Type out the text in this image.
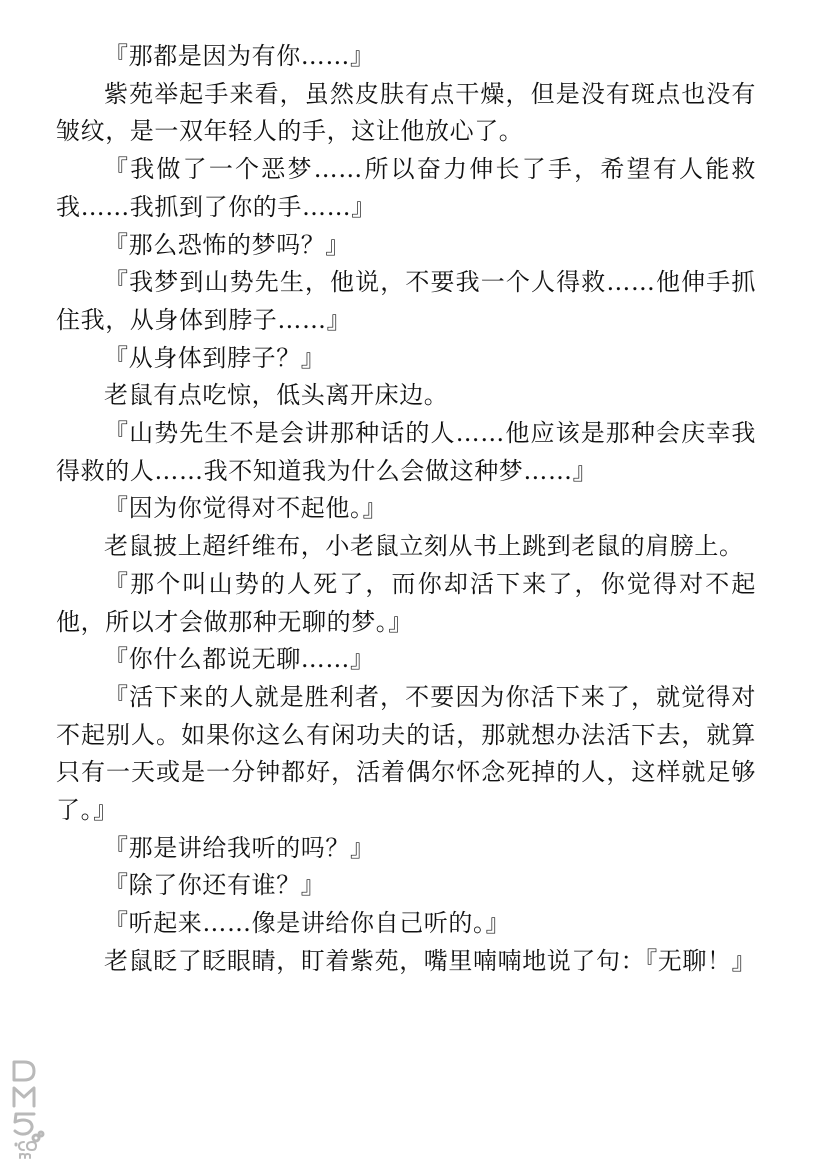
『那都是因为有你……』

紫苑举起手来看，虽然皮肤有点干燥，但是没有斑点也没有皱纹，是一双年轻人的手，这让他放心了。

『我做了一个恶梦……所以奋力伸长了手，希望有人能救我……我抓到了你的手……』

『那么恐怖的梦吗？』

『我梦到山势先生，他说，不要我一个人得救……他伸手抓住我，从身体到脖子……』

『从身体到脖子？』

老鼠有点吃惊，低头离开床边。

『山势先生不是会讲那种话的人……他应该是那种会庆幸我得救的人……我不知道我为什么会做这种梦……』

『因为你觉得对不起他。』

老鼠披上超纤维布，小老鼠立刻从书上跳到老鼠的肩膀上。

『那个叫山势的人死了，而你却活下来了，你觉得对不起他，所以才会做那种无聊的梦。』

『你什么都说无聊……』

『活下来的人就是胜利者，不要因为你活下来了，就觉得对不起别人。如果你这么有闲功夫的话，那就想办法活下去，就算只有一天或是一分钟都好，活着偶尔怀念死掉的人，这样就足够了。』

『那是讲给我听的吗？』

『除了你还有谁？』

『听起来……像是讲给你自己听的。』

老鼠眨了眨眼睛，盯着紫苑，嘴里喃喃地说了句：『无聊！』
